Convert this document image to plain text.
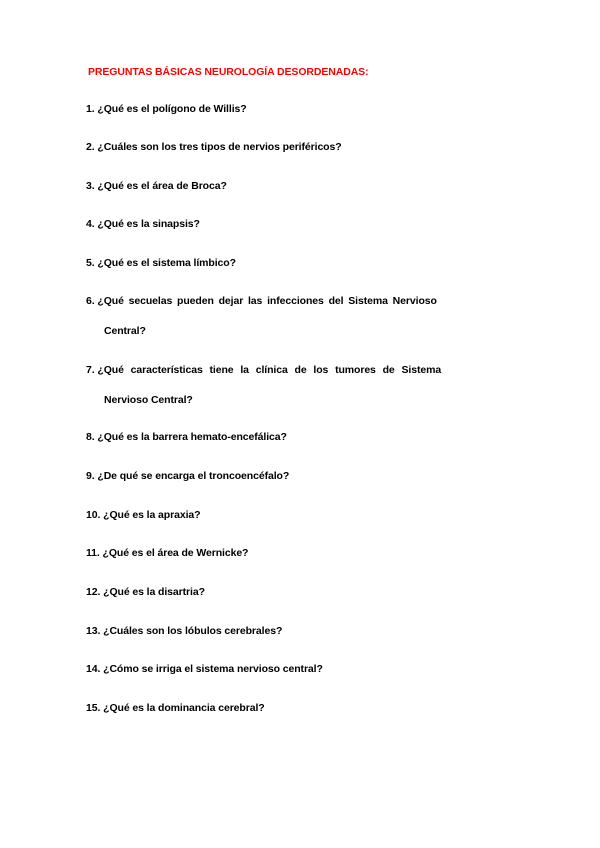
PREGUNTAS BÁSICAS NEUROLOGÍA DESORDENADAS:
1. ¿Qué es el polígono de Willis?
2. ¿Cuáles son los tres tipos de nervios periféricos?
3. ¿Qué es el área de Broca?
4. ¿Qué es la sinapsis?
5. ¿Qué es el sistema límbico?
6. ¿Qué secuelas pueden dejar las infecciones del Sistema Nervioso
Central?
7. ¿Qué características tiene la clínica de los tumores de Sistema
Nervioso Central?
8. ¿Qué es la barrera hemato-encefálica?
9. ¿De qué se encarga el troncoencéfalo?
10. ¿Qué es la apraxia?
11. ¿Qué es el área de Wernicke?
12. ¿Qué es la disartria?
13. ¿Cuáles son los lóbulos cerebrales?
14. ¿Cómo se irriga el sistema nervioso central?
15. ¿Qué es la dominancia cerebral?
